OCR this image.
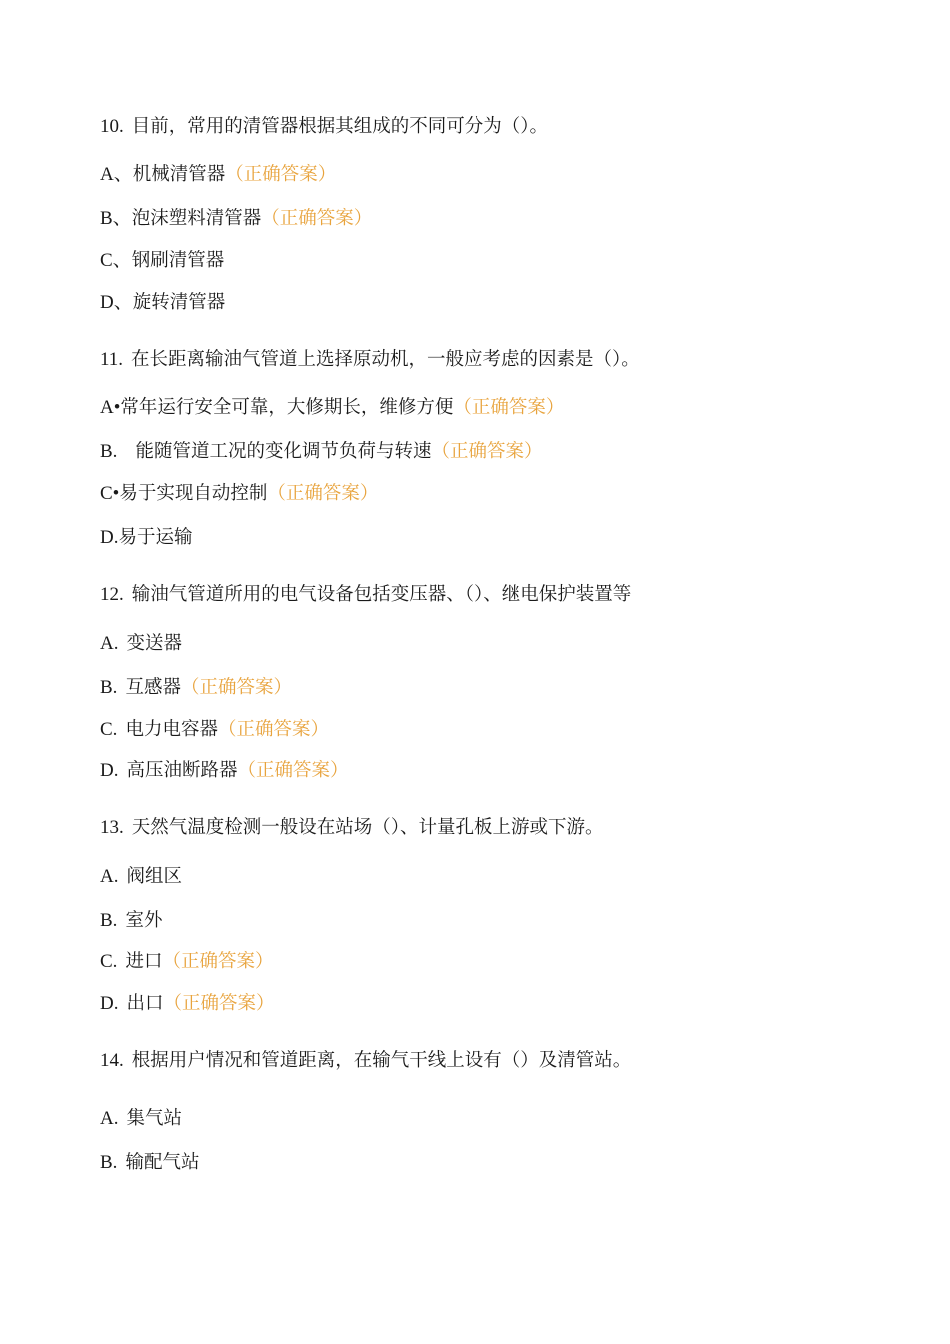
10. 目前，常用的清管器根据其组成的不同可分为（）。
A、机械清管器（正确答案）
B、泡沫塑料清管器（正确答案）
C、钢刷清管器
D、旋转清管器
11. 在长距离输油气管道上选择原动机，一般应考虑的因素是（）。
A•常年运行安全可靠，大修期长，维修方便（正确答案）
B. 能随管道工况的变化调节负荷与转速（正确答案）
C•易于实现自动控制（正确答案）
D.易于运输
12. 输油气管道所用的电气设备包括变压器、（）、继电保护装置等
A. 变送器
B. 互感器（正确答案）
C. 电力电容器（正确答案）
D. 高压油断路器（正确答案）
13. 天然气温度检测一般设在站场（）、计量孔板上游或下游。
A. 阀组区
B. 室外
C. 进口（正确答案）
D. 出口（正确答案）
14. 根据用户情况和管道距离，在输气干线上设有（）及清管站。
A. 集气站
B. 输配气站
